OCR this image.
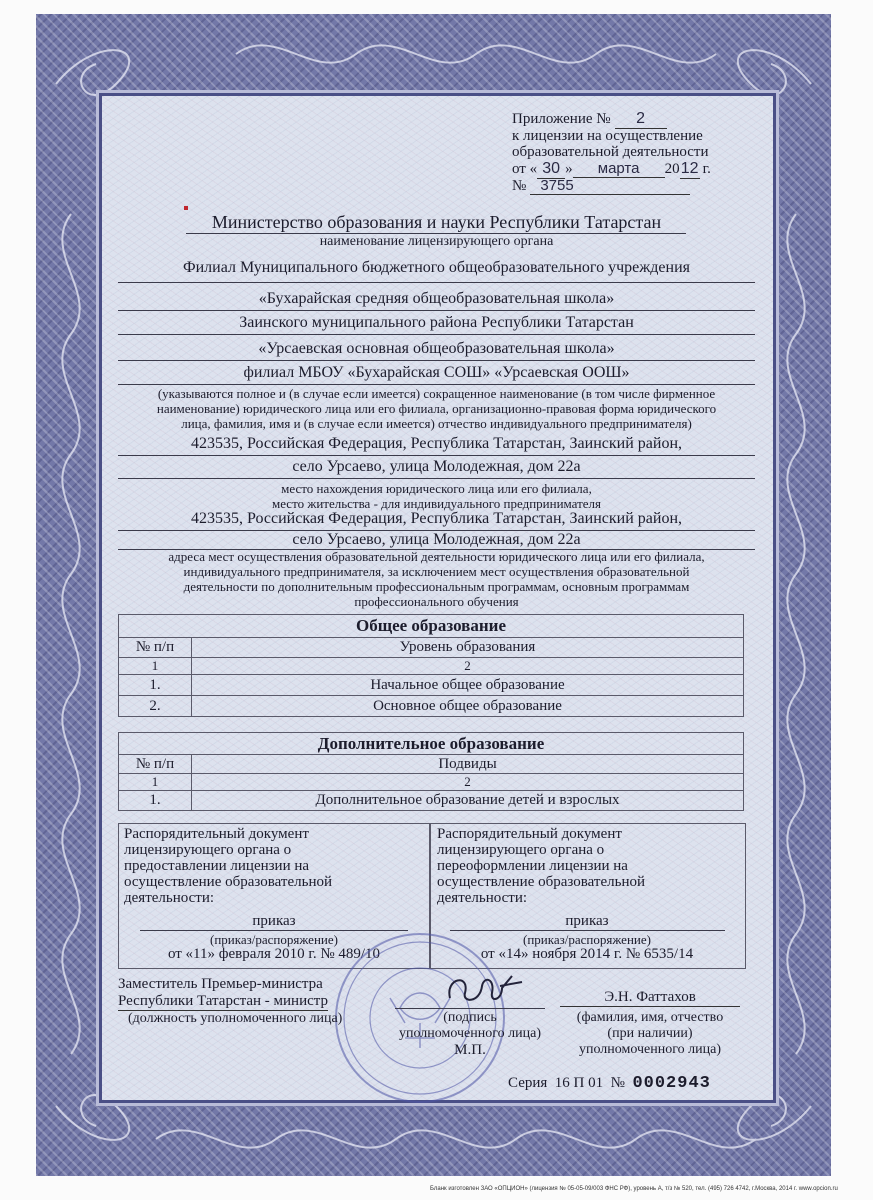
Приложение № 2
к лицензии на осуществление
образовательной деятельности
от « 30 » марта 2012 г.
№ 3755
Министерство образования и науки Республики Татарстан
наименование лицензирующего органа
Филиал Муниципального бюджетного общеобразовательного учреждения
«Бухарайская средняя общеобразовательная школа»
Заинского муниципального района Республики Татарстан
«Урсаевская основная общеобразовательная школа»
филиал МБОУ «Бухарайская СОШ» «Урсаевская ООШ»
(указываются полное и (в случае если имеется) сокращенное наименование (в том числе фирменное
наименование) юридического лица или его филиала, организационно-правовая форма юридического
лица, фамилия, имя и (в случае если имеется) отчество индивидуального предпринимателя)
423535, Российская Федерация, Республика Татарстан, Заинский район,
село Урсаево, улица Молодежная, дом 22а
место нахождения юридического лица или его филиала,
место жительства - для индивидуального предпринимателя
423535, Российская Федерация, Республика Татарстан, Заинский район,
село Урсаево, улица Молодежная, дом 22а
адреса мест осуществления образовательной деятельности юридического лица или его филиала,
индивидуального предпринимателя, за исключением мест осуществления образовательной
деятельности по дополнительным профессиональным программам, основным программам
профессионального обучения
Общее образование	
№ п/п	Уровень образования
1	2
1.	Начальное общее образование
2.	Основное общее образование
Дополнительное образование	
№ п/п	Подвиды
1	2
1.	Дополнительное образование детей и взрослых
Распорядительный документ
лицензирующего органа о
предоставлении лицензии на
осуществление образовательной
деятельности:
приказ
(приказ/распоряжение)
от «11» февраля 2010 г. № 489/10
Распорядительный документ
лицензирующего органа о
переоформлении лицензии на
осуществление образовательной
деятельности:
приказ
(приказ/распоряжение)
от «14» ноября 2014 г. № 6535/14
Заместитель Премьер-министра
Республики Татарстан - министр
(должность уполномоченного лица)	(подпись
уполномоченного лица)
М.П.
Э.Н. Фаттахов
(фамилия, имя, отчество
(при наличии)
уполномоченного лица)
Серия 16 П 01 № 0002943
Бланк изготовлен ЗАО «ОПЦИОН» (лицензия № 05-05-09/003 ФНС РФ), уровень А, т/з № 520, тел. (495) 726 4742, г.Москва, 2014 г. www.opcion.ru
